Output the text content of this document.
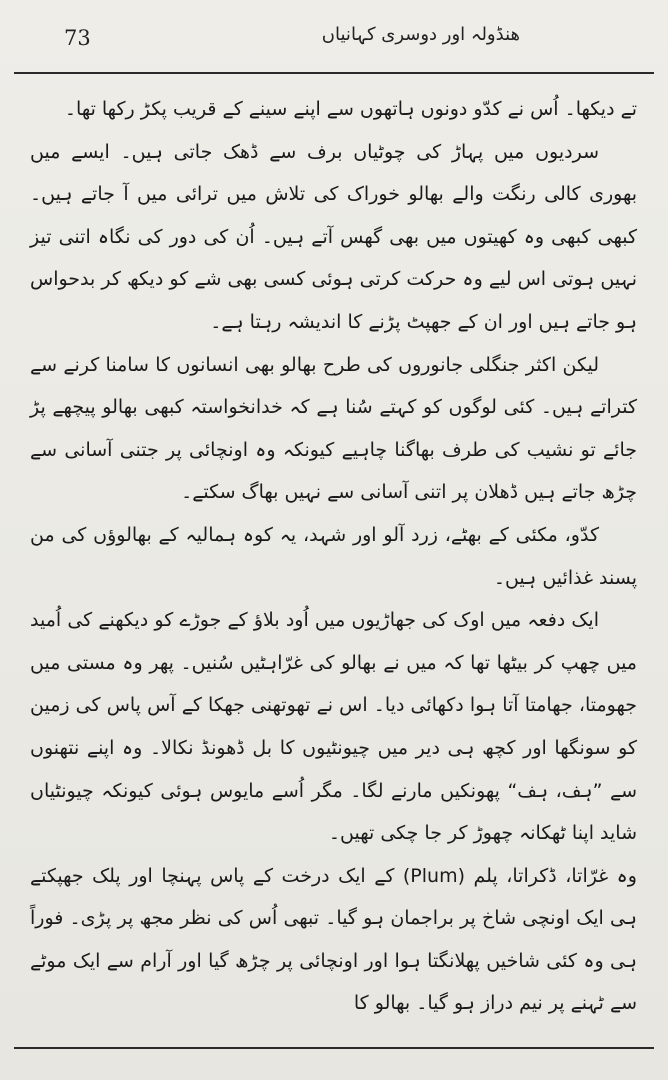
73	ھنڈولہ اور دوسری کہانیاں

تے دیکھا۔ اُس نے کدّو دونوں ہاتھوں سے اپنے سینے کے قریب پکڑ رکھا تھا۔

سردیوں میں پہاڑ کی چوٹیاں برف سے ڈھک جاتی ہیں۔ ایسے میں بھوری کالی رنگت والے بھالو خوراک کی تلاش میں ترائی میں آ جاتے ہیں۔ کبھی کبھی وہ کھیتوں میں بھی گھس آتے ہیں۔ اُن کی دور کی نگاہ اتنی تیز نہیں ہوتی اس لیے وہ حرکت کرتی ہوئی کسی بھی شے کو دیکھ کر بدحواس ہو جاتے ہیں اور ان کے جھپٹ پڑنے کا اندیشہ رہتا ہے۔

لیکن اکثر جنگلی جانوروں کی طرح بھالو بھی انسانوں کا سامنا کرنے سے کتراتے ہیں۔ کئی لوگوں کو کہتے سُنا ہے کہ خدانخواستہ کبھی بھالو پیچھے پڑ جائے تو نشیب کی طرف بھاگنا چاہیے کیونکہ وہ اونچائی پر جتنی آسانی سے چڑھ جاتے ہیں ڈھلان پر اتنی آسانی سے نہیں بھاگ سکتے۔

کدّو، مکئی کے بھٹے، زرد آلو اور شہد، یہ کوہ ہمالیہ کے بھالوؤں کی من پسند غذائیں ہیں۔

ایک دفعہ میں اوک کی جھاڑیوں میں اُود بلاؤ کے جوڑے کو دیکھنے کی اُمید میں چھپ کر بیٹھا تھا کہ میں نے بھالو کی غرّاہٹیں سُنیں۔ پھر وہ مستی میں جھومتا، جھامتا آتا ہوا دکھائی دیا۔ اس نے تھوتھنی جھکا کے آس پاس کی زمین کو سونگھا اور کچھ ہی دیر میں چیونٹیوں کا بل ڈھونڈ نکالا۔ وہ اپنے نتھنوں سے ”ہف، ہف“ پھونکیں مارنے لگا۔ مگر اُسے مایوس ہوئی کیونکہ چیونٹیاں شاید اپنا ٹھکانہ چھوڑ کر جا چکی تھیں۔

وہ غرّاتا، ڈکراتا، پلم (Plum) کے ایک درخت کے پاس پہنچا اور پلک جھپکتے ہی ایک اونچی شاخ پر براجمان ہو گیا۔ تبھی اُس کی نظر مجھ پر پڑی۔ فوراً ہی وہ کئی شاخیں پھلانگتا ہوا اور اونچائی پر چڑھ گیا اور آرام سے ایک موٹے سے ٹہنے پر نیم دراز ہو گیا۔ بھالو کا
